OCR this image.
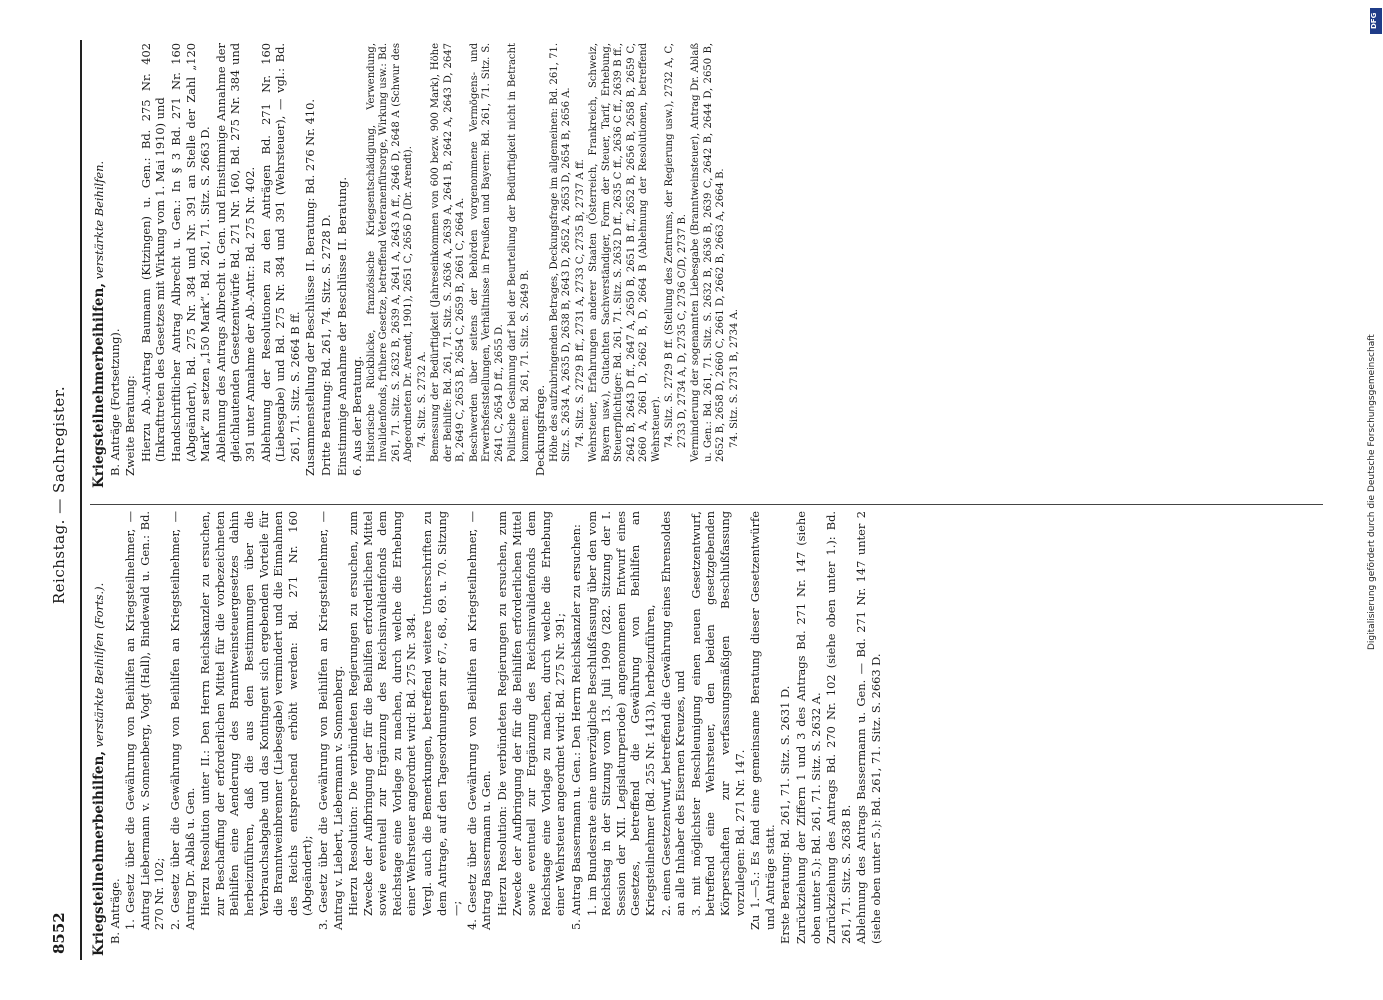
8552
Reichstag. — Sachregister.

Kriegsteilnehmerbeihilfen, verstärkte Beihilfen (Forts.).

B. Anträge. 1. Gesetz über die Gewährung von Beihilfen an Kriegsteilnehmer, — Antrag Liebermann v. Sonnenberg, Vogt (Hall), Bindewald u. Gen.: Bd. 270 Nr. 102; 2. Gesetz über die Gewährung von Beihilfen an Kriegsteilnehmer, — Antrag Dr. Ablaß u. Gen. Hierzu Resolution unter II.: Den Herrn Reichskanzler zu ersuchen, zur Beschaffung der erforderlichen Mittel für die vorbezeichneten Beihilfen eine Aenderung des Branntweinsteuergesetzes dahin herbeizuführen, daß die aus den Bestimmungen über die Verbrauchsabgabe und das Kontingent sich ergebenden Vorteile für die Branntweinbrenner (Liebesgabe) vermindert und die Einnahmen des Reichs entsprechend erhöht werden: Bd. 271 Nr. 160 (Abgeändert); 3. Gesetz über die Gewährung von Beihilfen an Kriegsteilnehmer, — Antrag v. Liebert, Liebermann v. Sonnenberg. Hierzu Resolution: Die verbündeten Regierungen zu ersuchen, zum Zwecke der Aufbringung der für die Beihilfen erforderlichen Mittel sowie eventuell zur Ergänzung des Reichsinvalidenfonds dem Reichstage eine Vorlage zu machen, durch welche die Erhebung einer Wehrsteuer angeordnet wird: Bd. 275 Nr. 384. Vergl. auch die Bemerkungen, betreffend weitere Unterschriften zu dem Antrage, auf den Tagesordnungen zur 67., 68., 69. u. 70. Sitzung —; 4. Gesetz über die Gewährung von Beihilfen an Kriegsteilnehmer, — Antrag Bassermann u. Gen. Hierzu Resolution: Die verbündeten Regierungen zu ersuchen, zum Zwecke der Aufbringung der für die Beihilfen erforderlichen Mittel sowie eventuell zur Ergänzung des Reichsinvalidenfonds dem Reichstage eine Vorlage zu machen, durch welche die Erhebung einer Wehrsteuer angeordnet wird: Bd. 275 Nr. 391; 5. Antrag Bassermann u. Gen.: Den Herrn Reichskanzler zu ersuchen: 1. im Bundesrate eine unverzügliche Beschlußfassung über den vom Reichstag in der Sitzung vom 13. Juli 1909 (282. Sitzung der I. Session der XII. Legislaturperiode) angenommenen Entwurf eines Gesetzes, betreffend die Gewährung von Beihilfen an Kriegsteilnehmer (Bd. 255 Nr. 1413), herbeizuführen, 2. einen Gesetzentwurf, betreffend die Gewährung eines Ehrensoldes an alle Inhaber des Eisernen Kreuzes, und 3. mit möglichster Beschleunigung einen neuen Gesetzentwurf, betreffend eine Wehrsteuer, den beiden gesetzgebenden Körperschaften zur verfassungsmäßigen Beschlußfassung vorzulegen: Bd. 271 Nr. 147. Zu 1.—5.: Es fand eine gemeinsame Beratung dieser Gesetzentwürfe und Anträge statt. Erste Beratung: Bd. 261, 71. Sitz. S. 2631 D. Zurückziehung der Ziffern 1 und 3 des Antrags Bd. 271 Nr. 147 (siehe oben unter 5.): Bd. 261, 71. Sitz. S. 2632 A. Zurückziehung des Antrags Bd. 270 Nr. 102 (siehe oben unter 1.): Bd. 261, 71. Sitz. S. 2638 B. Ablehnung des Antrags Bassermann u. Gen. — Bd. 271 Nr. 147 unter 2 (siehe oben unter 5.): Bd. 261, 71. Sitz. S. 2663 D.

Kriegsteilnehmerbeihilfen, verstärkte Beihilfen.

B. Anträge (Fortsetzung). Zweite Beratung: Hierzu Ab.-Antrag Baumann (Kitzingen) u. Gen.: Bd. 275 Nr. 402 (Inkrafttreten des Gesetzes mit Wirkung vom 1. Mai 1910) und Handschriftlicher Antrag Albrecht u. Gen.: In § 3 Bd. 271 Nr. 160 (Abgeändert), Bd. 275 Nr. 384 und Nr. 391 an Stelle der Zahl „120 Mark“ zu setzen „150 Mark“. Bd. 261, 71. Sitz. S. 2663 D. Ablehnung des Antrags Albrecht u. Gen. und Einstimmige Annahme der gleichlautenden Gesetzentwürfe Bd. 271 Nr. 160, Bd. 275 Nr. 384 und 391 unter Annahme der Ab.-Antr.: Bd. 275 Nr. 402. Ablehnung der Resolutionen zu den Anträgen Bd. 271 Nr. 160 (Liebesgabe) und Bd. 275 Nr. 384 und 391 (Wehrsteuer), — vgl.: Bd. 261, 71. Sitz. S. 2664 B ff. Zusammenstellung der Beschlüsse II. Beratung: Bd. 276 Nr. 410. Dritte Beratung: Bd. 261, 74. Sitz. S. 2728 D. Einstimmige Annahme der Beschlüsse II. Beratung. 6. Aus der Beratung. Historische Rückblicke, französische Kriegsentschädigung, Verwendung, Invalidenfonds, frühere Gesetze, betreffend Veteranenfürsorge, Wirkung usw.: Bd. 261, 71. Sitz. S. 2632 B, 2639 A, 2641 A, 2643 A ff., 2646 D, 2648 A (Schwur des Abgeordneten Dr. Arendt, 1901), 2651 C, 2656 D (Dr. Arendt). 74. Sitz. S. 2732 A. Bemessung der Bedürftigkeit (Jahreseinkommen von 600 bezw. 900 Mark), Höhe der Beihilfe: Bd. 261, 71. Sitz. S. 2636 A, 2639 A, 2641 B, 2642 A, 2643 D, 2647 B, 2649 C, 2653 B, 2654 C, 2659 B, 2661 C, 2664 A. Beschwerden über seitens der Behörden vorgenommene Vermögens- und Erwerbsfeststellungen, Verhältnisse in Preußen und Bayern: Bd. 261, 71. Sitz. S. 2641 C, 2654 D ff., 2655 D. Politische Gesinnung darf bei der Beurteilung der Bedürftigkeit nicht in Betracht kommen: Bd. 261, 71. Sitz. S. 2649 B. Deckungsfrage. Höhe des aufzubringenden Betrages, Deckungsfrage im allgemeinen: Bd. 261, 71. Sitz. S. 2634 A, 2635 D, 2638 B, 2643 D, 2652 A, 2653 D, 2654 B, 2656 A. 74. Sitz. S. 2729 B ff., 2731 A, 2733 C, 2735 B, 2737 A ff. Wehrsteuer, Erfahrungen anderer Staaten (Österreich, Frankreich, Schweiz, Bayern usw.), Gutachten Sachverständiger, Form der Steuer, Tarif, Erhebung, Steuerpflichtiger: Bd. 261, 71. Sitz. S. 2632 D ff., 2635 C ff., 2636 C ff., 2639 B ff., 2642 B, 2643 D ff., 2647 A, 2650 B, 2651 B ff., 2652 B, 2656 B, 2658 B, 2659 C, 2660 A, 2661 D, 2662 B, D, 2664 B (Ablehnung der Resolutionen, betreffend Wehrsteuer). 74. Sitz. S. 2729 B ff. (Stellung des Zentrums, der Regierung usw.), 2732 A, C, 2733 D, 2734 A, D, 2735 C, 2736 C/D, 2737 B. Verminderung der sogenannten Liebesgabe (Branntweinsteuer), Antrag Dr. Ablaß u. Gen.: Bd. 261, 71. Sitz. S. 2632 B, 2636 B, 2639 C, 2642 B, 2644 D, 2650 B, 2652 B, 2658 D, 2660 C, 2661 D, 2662 B, 2663 A, 2664 B. 74. Sitz. S. 2731 B, 2734 A.

DFG
Digitalisierung gefördert durch die Deutsche Forschungsgemeinschaft
